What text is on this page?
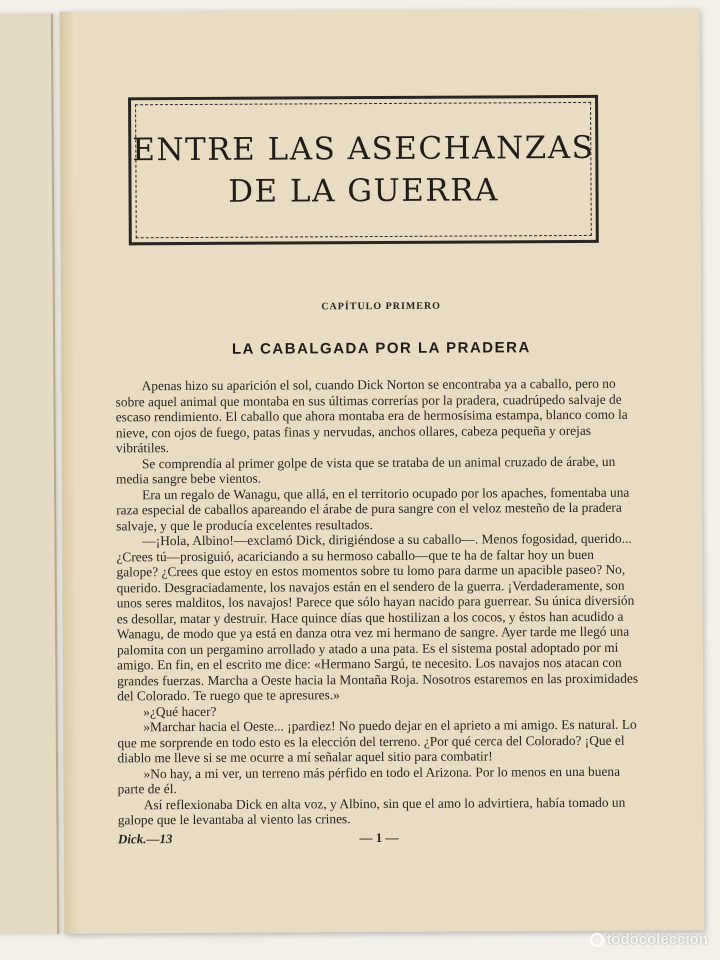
ENTRE LAS ASECHANZAS
DE LA GUERRA
CAPÍTULO PRIMERO
LA CABALGADA POR LA PRADERA

Apenas hizo su aparición el sol, cuando Dick Norton se encontraba ya a caballo, pero no sobre aquel animal que montaba en sus últimas correrías por la pradera, cuadrúpedo salvaje de escaso rendimiento. El caballo que ahora montaba era de hermosísima estampa, blanco como la nieve, con ojos de fuego, patas finas y nervudas, anchos ollares, cabeza pequeña y orejas vibrátiles.

Se comprendía al primer golpe de vista que se trataba de un animal cruzado de árabe, un media sangre bebe vientos.

Era un regalo de Wanagu, que allá, en el territorio ocupado por los apaches, fomentaba una raza especial de caballos apareando el árabe de pura sangre con el veloz mesteño de la pradera salvaje, y que le producía excelentes resultados.

—¡Hola, Albino!—exclamó Dick, dirigiéndose a su caballo—. Menos fogosidad, querido... ¿Crees tú—prosiguió, acariciando a su hermoso caballo—que te ha de faltar hoy un buen galope? ¿Crees que estoy en estos momentos sobre tu lomo para darme un apacible paseo? No, querido. Desgraciadamente, los navajos están en el sendero de la guerra. ¡Verdaderamente, son unos seres malditos, los navajos! Parece que sólo hayan nacido para guerrear. Su única diversión es desollar, matar y destruir. Hace quince días que hostilizan a los cocos, y éstos han acudido a Wanagu, de modo que ya está en danza otra vez mi hermano de sangre. Ayer tarde me llegó una palomita con un pergamino arrollado y atado a una pata. Es el sistema postal adoptado por mi amigo. En fin, en el escrito me dice: «Hermano Sargú, te necesito. Los navajos nos atacan con grandes fuerzas. Marcha a Oeste hacia la Montaña Roja. Nosotros estaremos en las proximidades del Colorado. Te ruego que te apresures.»

»¿Qué hacer?

»Marchar hacia el Oeste... ¡pardiez! No puedo dejar en el aprieto a mi amigo. Es natural. Lo que me sorprende en todo esto es la elección del terreno. ¿Por qué cerca del Colorado? ¡Que el diablo me lleve si se me ocurre a mí señalar aquel sitio para combatir!

»No hay, a mi ver, un terreno más pérfido en todo el Arizona. Por lo menos en una buena parte de él.

Así reflexionaba Dick en alta voz, y Albino, sin que el amo lo advirtiera, había tomado un galope que le levantaba al viento las crines.

Dick.—13	— 1 —
todocoleccion
